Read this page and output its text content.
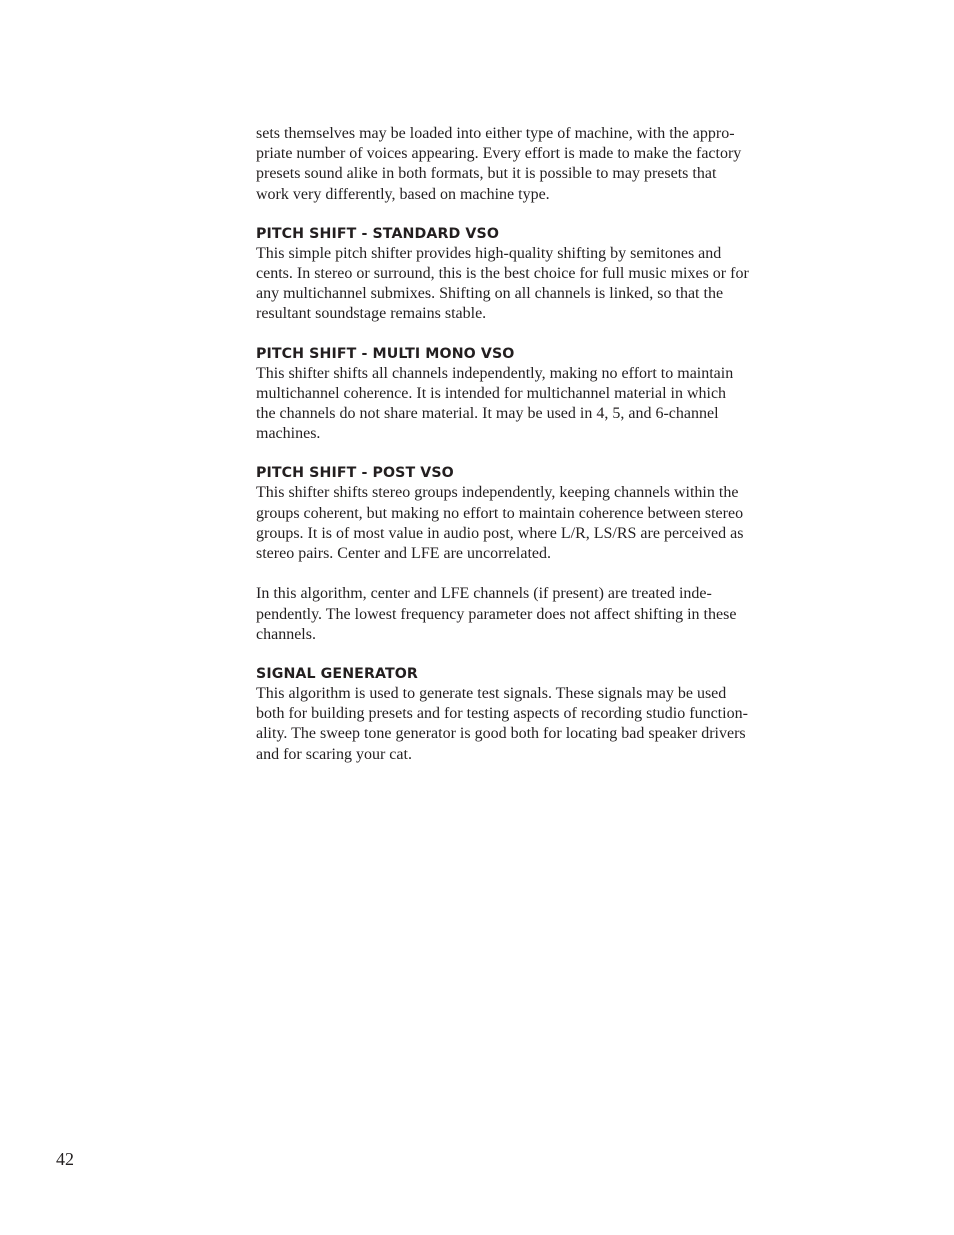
sets themselves may be loaded into either type of machine, with the appro-
priate number of voices appearing. Every effort is made to make the factory
presets sound alike in both formats, but it is possible to may presets that
work very differently, based on machine type.

PITCH SHIFT - STANDARD VSO

This simple pitch shifter provides high-quality shifting by semitones and
cents. In stereo or surround, this is the best choice for full music mixes or for
any multichannel submixes. Shifting on all channels is linked, so that the
resultant soundstage remains stable.

PITCH SHIFT - MULTI MONO VSO

This shifter shifts all channels independently, making no effort to maintain
multichannel coherence. It is intended for multichannel material in which
the channels do not share material. It may be used in 4, 5, and 6-channel
machines.

PITCH SHIFT - POST VSO

This shifter shifts stereo groups independently, keeping channels within the
groups coherent, but making no effort to maintain coherence between stereo
groups. It is of most value in audio post, where L/R, LS/RS are perceived as
stereo pairs. Center and LFE are uncorrelated.

In this algorithm, center and LFE channels (if present) are treated inde-
pendently. The lowest frequency parameter does not affect shifting in these
channels.

SIGNAL GENERATOR

This algorithm is used to generate test signals. These signals may be used
both for building presets and for testing aspects of recording studio function-
ality. The sweep tone generator is good both for locating bad speaker drivers
and for scaring your cat.

42
